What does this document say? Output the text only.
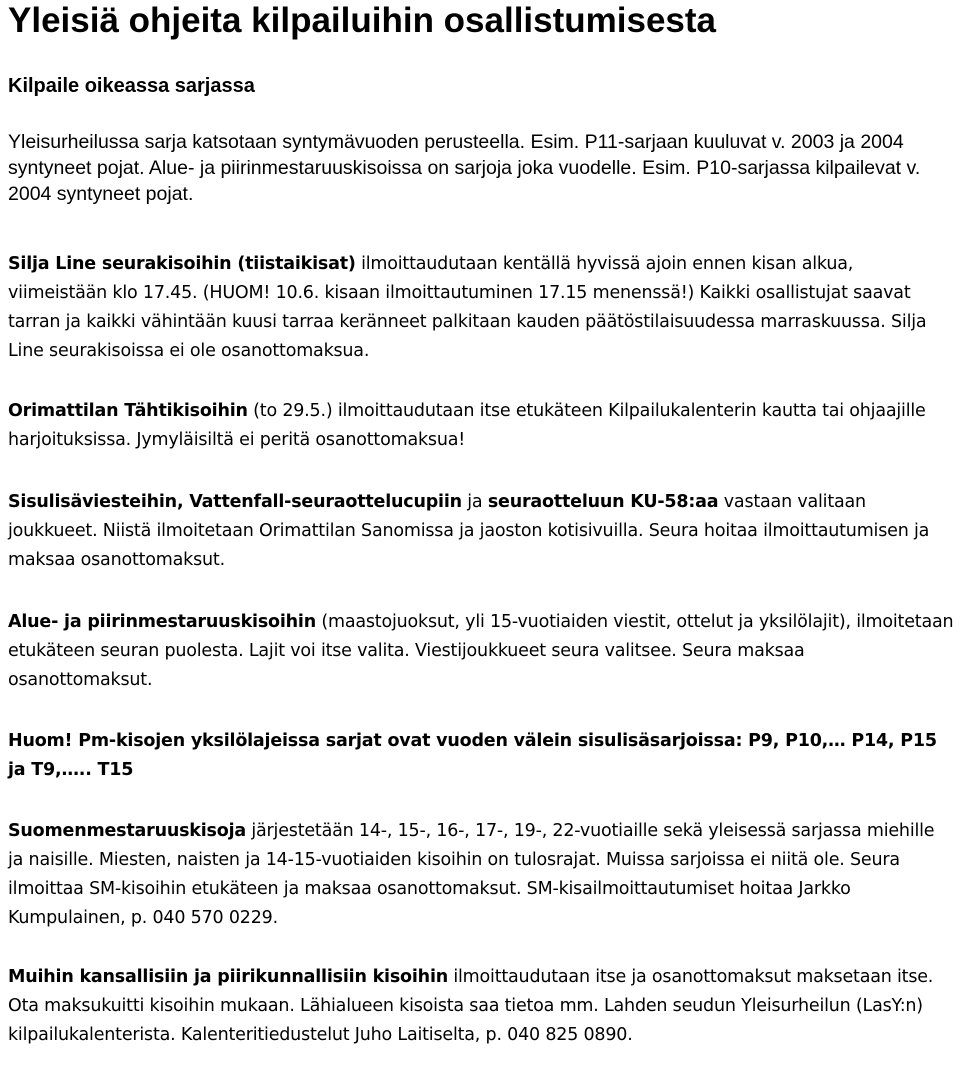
Yleisiä ohjeita kilpailuihin osallistumisesta
Kilpaile oikeassa sarjassa

Yleisurheilussa sarja katsotaan syntymävuoden perusteella. Esim. P11-sarjaan kuuluvat v. 2003 ja 2004 syntyneet pojat. Alue- ja piirinmestaruuskisoissa on sarjoja joka vuodelle. Esim. P10-sarjassa kilpailevat v. 2004 syntyneet pojat.

Silja Line seurakisoihin (tiistaikisat) ilmoittaudutaan kentällä hyvissä ajoin ennen kisan alkua, viimeistään klo 17.45. (HUOM! 10.6. kisaan ilmoittautuminen 17.15 menenssä!) Kaikki osallistujat saavat tarran ja kaikki vähintään kuusi tarraa keränneet palkitaan kauden päätöstilaisuudessa marraskuussa. Silja Line seurakisoissa ei ole osanottomaksua.

Orimattilan Tähtikisoihin (to 29.5.) ilmoittaudutaan itse etukäteen Kilpailukalenterin kautta tai ohjaajille harjoituksissa. Jymyläisiltä ei peritä osanottomaksua!

Sisulisäviesteihin, Vattenfall-seuraottelucupiin ja seuraotteluun KU-58:aa vastaan valitaan joukkueet. Niistä ilmoitetaan Orimattilan Sanomissa ja jaoston kotisivuilla. Seura hoitaa ilmoittautumisen ja maksaa osanottomaksut.

Alue- ja piirinmestaruuskisoihin (maastojuoksut, yli 15-vuotiaiden viestit, ottelut ja yksilölajit), ilmoitetaan etukäteen seuran puolesta. Lajit voi itse valita. Viestijoukkueet seura valitsee. Seura maksaa osanottomaksut.

Huom! Pm-kisojen yksilölajeissa sarjat ovat vuoden välein sisulisäsarjoissa: P9, P10,… P14, P15 ja T9,….. T15

Suomenmestaruuskisoja järjestetään 14-, 15-, 16-, 17-, 19-, 22-vuotiaille sekä yleisessä sarjassa miehille ja naisille. Miesten, naisten ja 14-15-vuotiaiden kisoihin on tulosrajat. Muissa sarjoissa ei niitä ole. Seura ilmoittaa SM-kisoihin etukäteen ja maksaa osanottomaksut. SM-kisailmoittautumiset hoitaa Jarkko Kumpulainen, p. 040 570 0229.

Muihin kansallisiin ja piirikunnallisiin kisoihin ilmoittaudutaan itse ja osanottomaksut maksetaan itse. Ota maksukuitti kisoihin mukaan. Lähialueen kisoista saa tietoa mm. Lahden seudun Yleisurheilun (LasY:n) kilpailukalenterista. Kalenteritiedustelut Juho Laitiselta, p. 040 825 0890.
